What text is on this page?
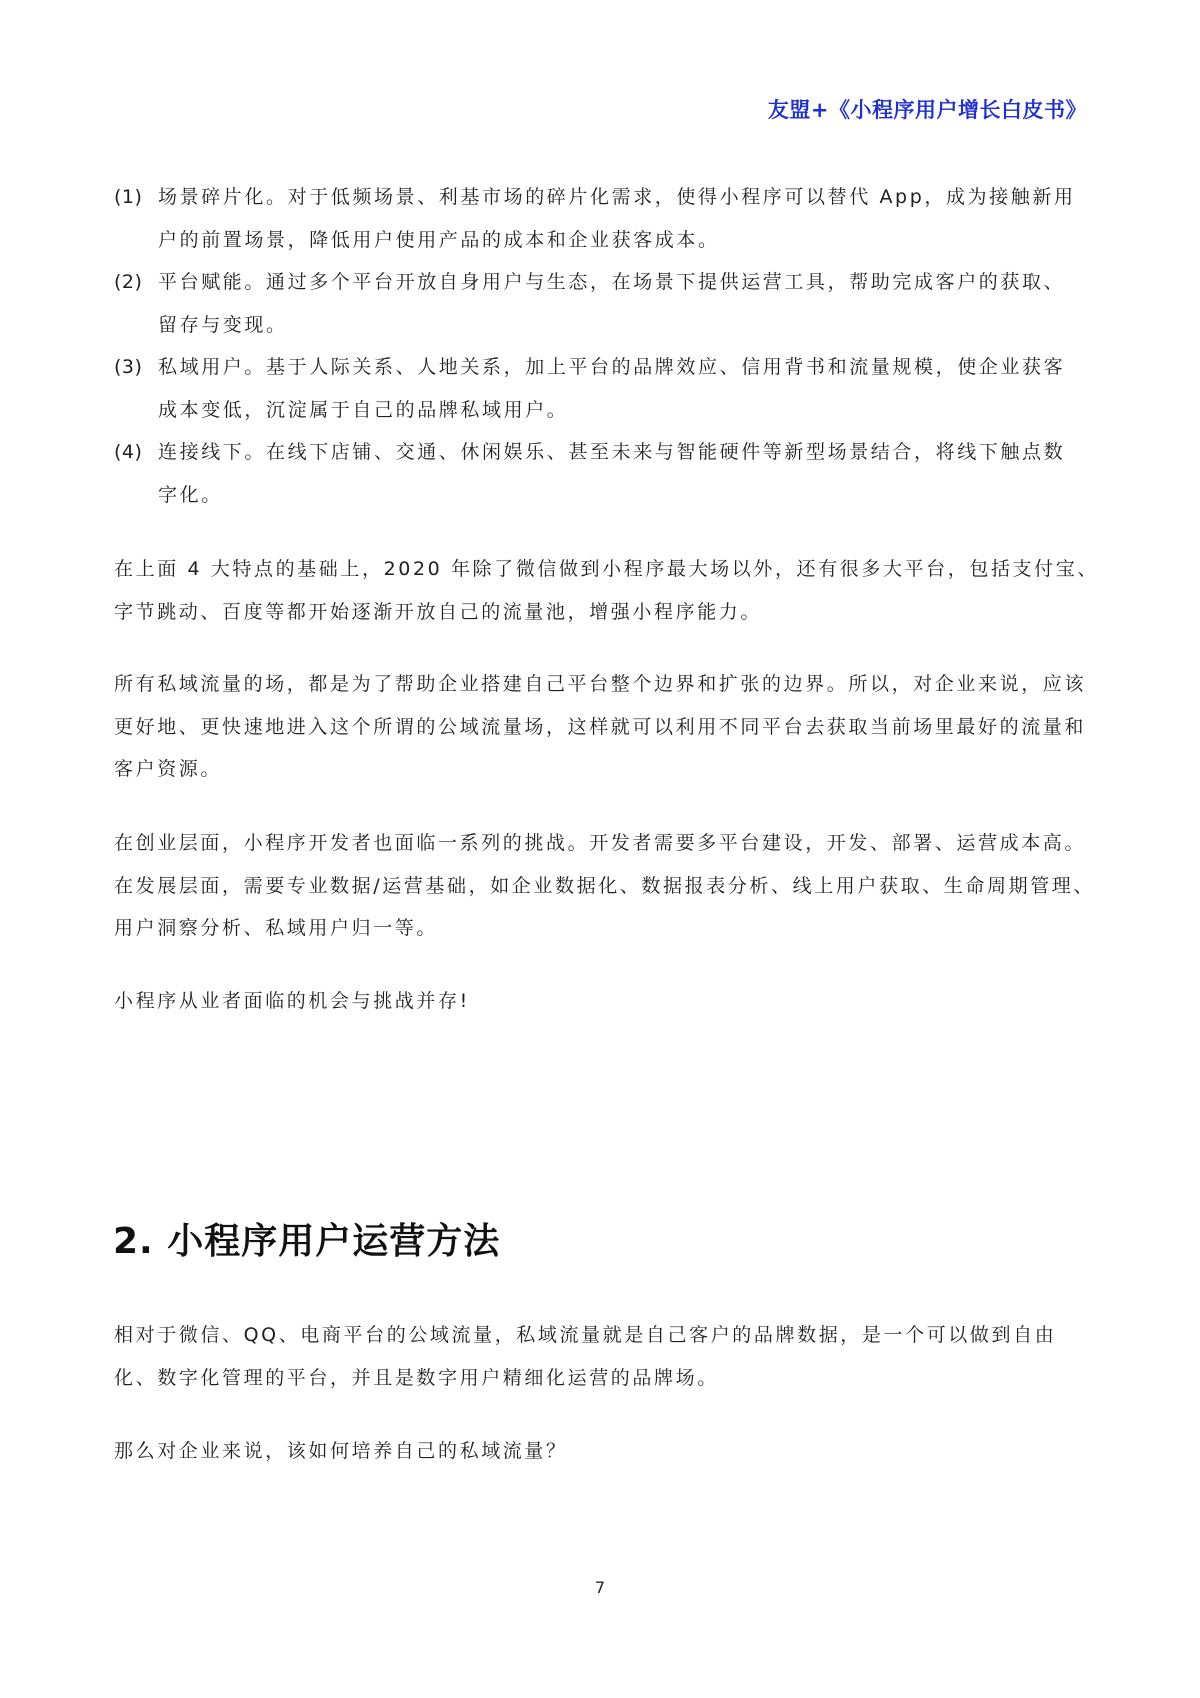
友盟+《小程序用户增长白皮书》
(1) 场景碎片化。对于低频场景、利基市场的碎片化需求，使得小程序可以替代 App，成为接触新用户的前置场景，降低用户使用产品的成本和企业获客成本。
(2) 平台赋能。通过多个平台开放自身用户与生态，在场景下提供运营工具，帮助完成客户的获取、留存与变现。
(3) 私域用户。基于人际关系、人地关系，加上平台的品牌效应、信用背书和流量规模，使企业获客成本变低，沉淀属于自己的品牌私域用户。
(4) 连接线下。在线下店铺、交通、休闲娱乐、甚至未来与智能硬件等新型场景结合，将线下触点数字化。

在上面 4 大特点的基础上，2020 年除了微信做到小程序最大场以外，还有很多大平台，包括支付宝、字节跳动、百度等都开始逐渐开放自己的流量池，增强小程序能力。

所有私域流量的场，都是为了帮助企业搭建自己平台整个边界和扩张的边界。所以，对企业来说，应该更好地、更快速地进入这个所谓的公域流量场，这样就可以利用不同平台去获取当前场里最好的流量和客户资源。

在创业层面，小程序开发者也面临一系列的挑战。开发者需要多平台建设，开发、部署、运营成本高。在发展层面，需要专业数据/运营基础，如企业数据化、数据报表分析、线上用户获取、生命周期管理、用户洞察分析、私域用户归一等。

小程序从业者面临的机会与挑战并存!

2. 小程序用户运营方法

相对于微信、QQ、电商平台的公域流量，私域流量就是自己客户的品牌数据，是一个可以做到自由化、数字化管理的平台，并且是数字用户精细化运营的品牌场。

那么对企业来说，该如何培养自己的私域流量？

7
